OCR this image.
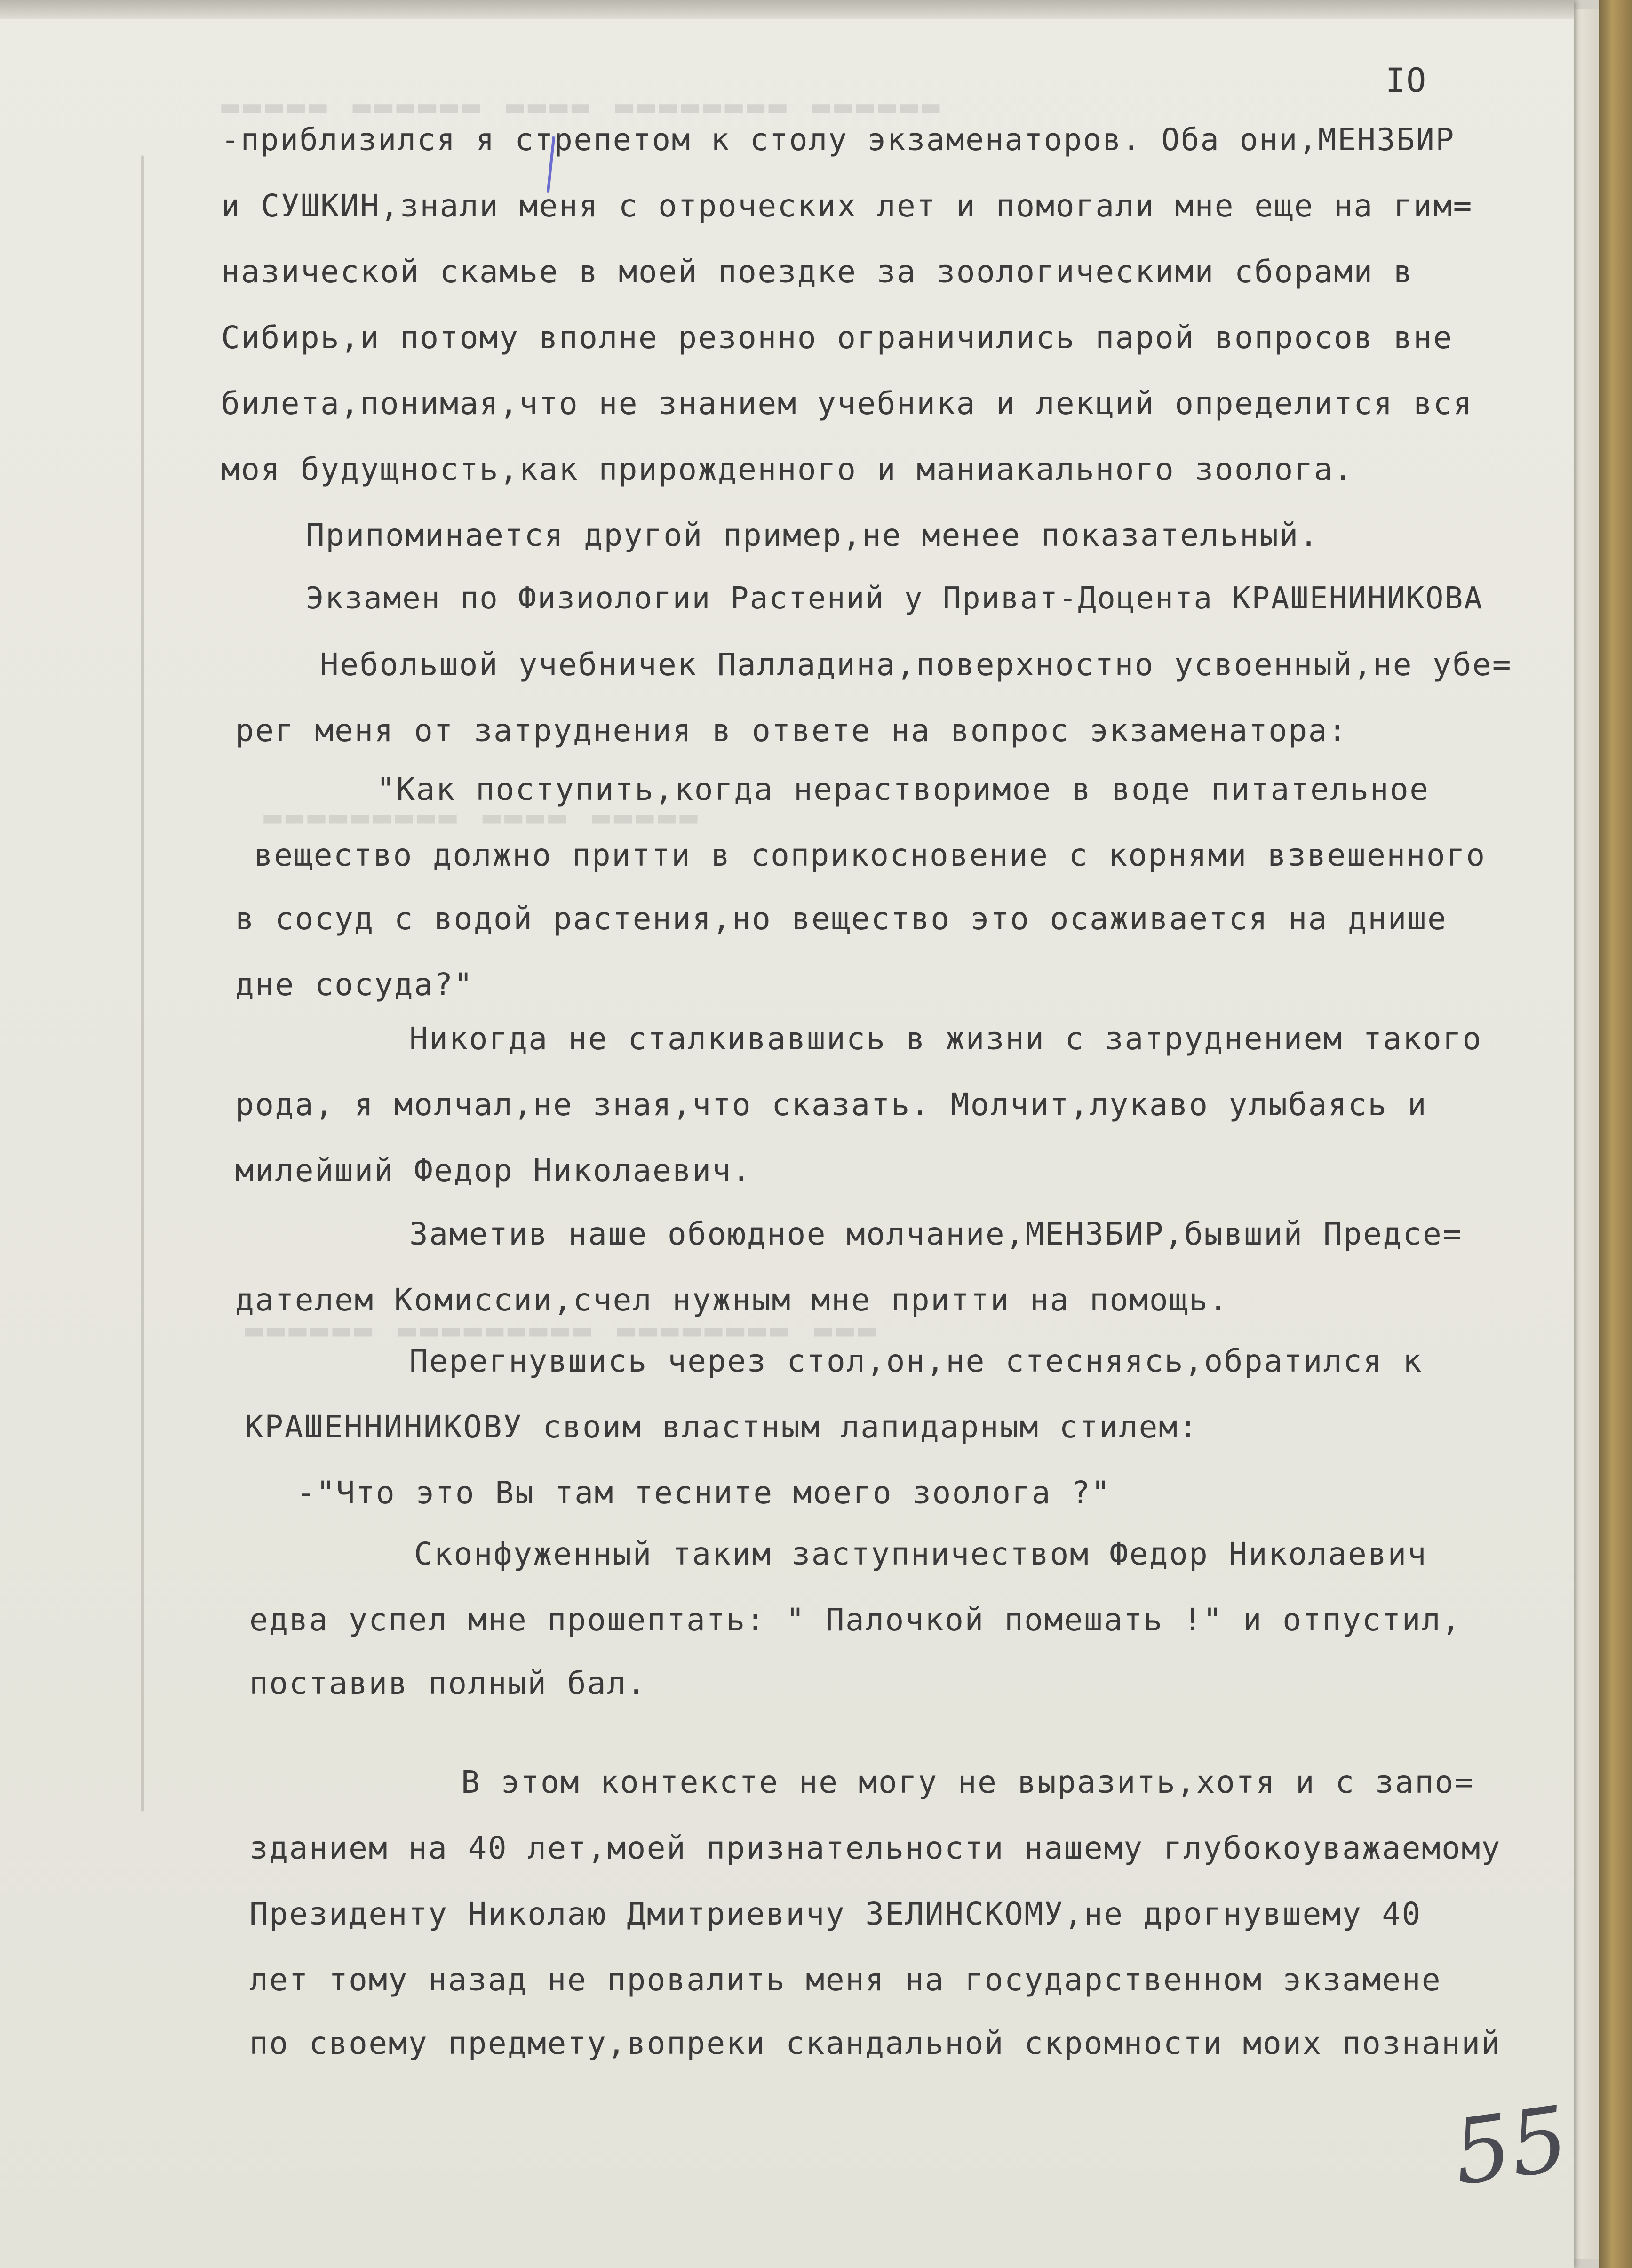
▬▬▬▬▬ ▬▬▬▬▬▬ ▬▬▬▬ ▬▬▬▬▬▬▬▬ ▬▬▬▬▬▬
▬▬▬▬▬▬▬▬▬ ▬▬▬▬ ▬▬▬▬▬
▬▬▬▬▬▬ ▬▬▬▬▬▬▬▬▬ ▬▬▬▬▬▬▬▬ ▬▬▬
IO
-приблизился я стрепетом к столу экзаменаторов. Оба они,МЕНЗБИР
и СУШКИН,знали меня с отроческих лет и помогали мне еще на гим=
назической скамье в моей поездке за зоологическими сборами в
Сибирь,и потому вполне резонно ограничились парой вопросов вне
билета,понимая,что не знанием учебника и лекций определится вся
моя будущность,как прирожденного и маниакального зоолога.
Припоминается другой пример,не менее показательный.
Экзамен по Физиологии Растений у Приват-Доцента КРАШЕНИНИКОВА
Небольшой учебничек Палладина,поверхностно усвоенный,не убе=
рег меня от затруднения в ответе на вопрос экзаменатора:
"Как поступить,когда нерастворимое в воде питательное
вещество должно притти в соприкосновение с корнями взвешенного
в сосуд с водой растения,но вещество это осаживается на днише
дне сосуда?"
Никогда не сталкивавшись в жизни с затруднением такого
рода, я молчал,не зная,что сказать. Молчит,лукаво улыбаясь и
милейший Федор Николаевич.
Заметив наше обоюдное молчание,МЕНЗБИР,бывший Предсе=
дателем Комиссии,счел нужным мне притти на помощь.
Перегнувшись через стол,он,не стесняясь,обратился к
КРАШЕННИНИКОВУ своим властным лапидарным стилем:
-"Что это Вы там тесните моего зоолога ?"
Сконфуженный таким заступничеством Федор Николаевич
едва успел мне прошептать: " Палочкой помешать !" и отпустил,
поставив полный бал.
В этом контексте не могу не выразить,хотя и с запо=
зданием на 40 лет,моей признательности нашему глубокоуважаемому
Президенту Николаю Дмитриевичу ЗЕЛИНСКОМУ,не дрогнувшему 40
лет тому назад не провалить меня на государственном экзамене
по своему предмету,вопреки скандальной скромности моих познаний
55
